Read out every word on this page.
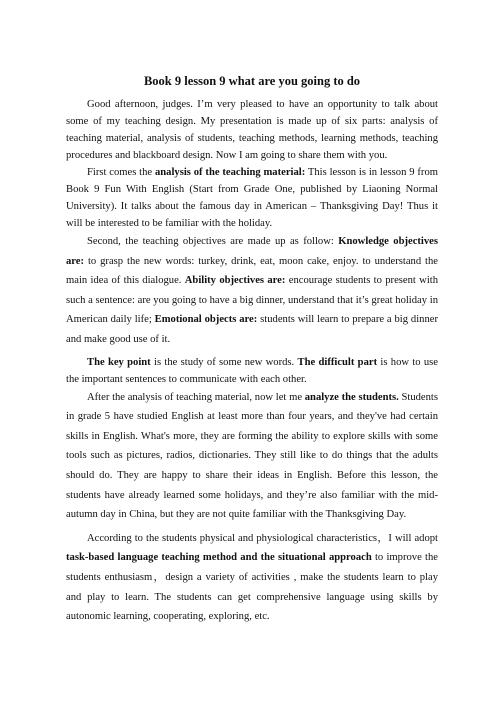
Book 9 lesson 9 what are you going to do

Good afternoon, judges. I’m very pleased to have an opportunity to talk about some of my teaching design. My presentation is made up of six parts: analysis of teaching material, analysis of students, teaching methods, learning methods, teaching procedures and blackboard design. Now I am going to share them with you.

First comes the analysis of the teaching material: This lesson is in lesson 9 from Book 9 Fun With English (Start from Grade One, published by Liaoning Normal University). It talks about the famous day in American – Thanksgiving Day! Thus it will be interested to be familiar with the holiday.

Second, the teaching objectives are made up as follow: Knowledge objectives are: to grasp the new words: turkey, drink, eat, moon cake, enjoy. to understand the main idea of this dialogue. Ability objectives are: encourage students to present with such a sentence: are you going to have a big dinner, understand that it’s great holiday in American daily life; Emotional objects are: students will learn to prepare a big dinner and make good use of it.

The key point is the study of some new words. The difficult part is how to use the important sentences to communicate with each other.

After the analysis of teaching material, now let me analyze the students. Students in grade 5 have studied English at least more than four years, and they've had certain skills in English. What's more, they are forming the ability to explore skills with some tools such as pictures, radios, dictionaries. They still like to do things that the adults should do. They are happy to share their ideas in English. Before this lesson, the students have already learned some holidays, and they’re also familiar with the mid-autumn day in China, but they are not quite familiar with the Thanksgiving Day.

According to the students physical and physiological characteristics，I will adopt task-based language teaching method and the situational approach to improve the students enthusiasm，design a variety of activities , make the students learn to play and play to learn. The students can get comprehensive language using skills by autonomic learning, cooperating, exploring, etc.
